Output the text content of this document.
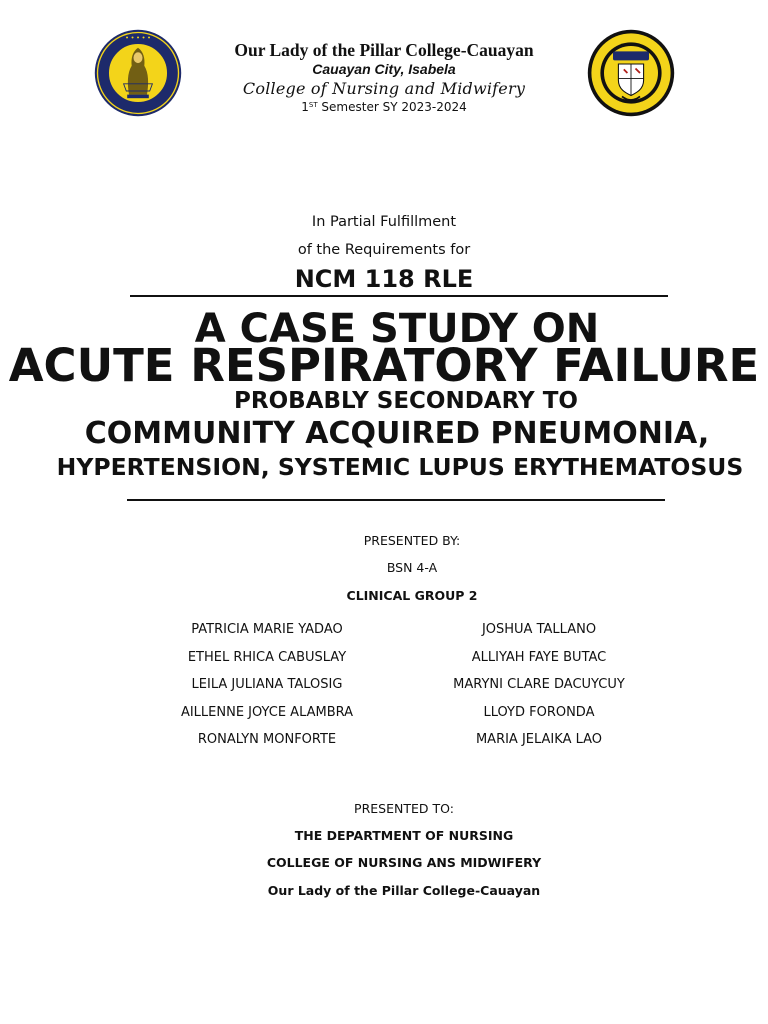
• • • • •
Our Lady of the Pillar College-Cauayan
Cauayan City, Isabela
College of Nursing and Midwifery
1ST Semester SY 2023-2024
In Partial Fulfillment
of the Requirements for
NCM 118 RLE
A CASE STUDY ON
ACUTE RESPIRATORY FAILURE
PROBABLY SECONDARY TO
COMMUNITY ACQUIRED PNEUMONIA,
HYPERTENSION, SYSTEMIC LUPUS ERYTHEMATOSUS
PRESENTED BY:
BSN 4-A
CLINICAL GROUP 2
PATRICIA MARIE YADAO
ETHEL RHICA CABUSLAY
LEILA JULIANA TALOSIG
AILLENNE JOYCE ALAMBRA
RONALYN MONFORTE
JOSHUA TALLANO
ALLIYAH FAYE BUTAC
MARYNI CLARE DACUYCUY
LLOYD FORONDA
MARIA JELAIKA LAO
PRESENTED TO:
THE DEPARTMENT OF NURSING
COLLEGE OF NURSING ANS MIDWIFERY
Our Lady of the Pillar College-Cauayan
